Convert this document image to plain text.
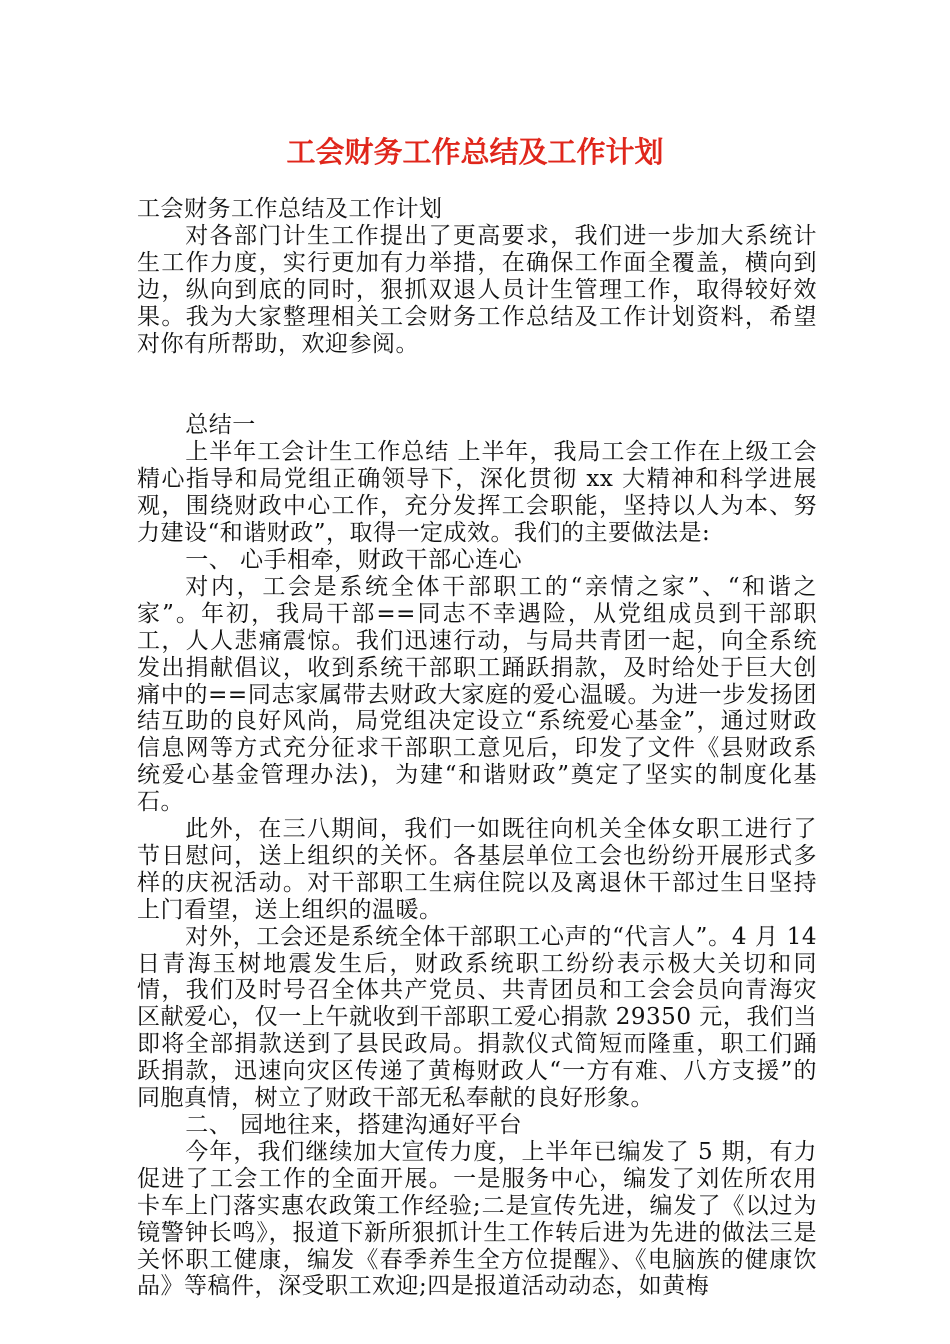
工会财务工作总结及工作计划

工会财务工作总结及工作计划

对各部门计生工作提出了更高要求，我们进一步加大系统计生工作力度，实行更加有力举措，在确保工作面全覆盖，横向到边，纵向到底的同时，狠抓双退人员计生管理工作，取得较好效果。我为大家整理相关工会财务工作总结及工作计划资料，希望对你有所帮助，欢迎参阅。

总结一

上半年工会计生工作总结 上半年，我局工会工作在上级工会精心指导和局党组正确领导下，深化贯彻 xx 大精神和科学进展观，围绕财政中心工作，充分发挥工会职能，坚持以人为本、努力建设“和谐财政”，取得一定成效。我们的主要做法是:

一、 心手相牵，财政干部心连心

对内，工会是系统全体干部职工的“亲情之家”、“和谐之家”。年初，我局干部==同志不幸遇险，从党组成员到干部职工，人人悲痛震惊。我们迅速行动，与局共青团一起，向全系统发出捐献倡议，收到系统干部职工踊跃捐款，及时给处于巨大创痛中的==同志家属带去财政大家庭的爱心温暖。为进一步发扬团结互助的良好风尚，局党组决定设立“系统爱心基金”，通过财政信息网等方式充分征求干部职工意见后，印发了文件《县财政系统爱心基金管理办法)，为建“和谐财政”奠定了坚实的制度化基石。

此外，在三八期间，我们一如既往向机关全体女职工进行了节日慰问，送上组织的关怀。各基层单位工会也纷纷开展形式多样的庆祝活动。对干部职工生病住院以及离退休干部过生日坚持上门看望，送上组织的温暖。

对外，工会还是系统全体干部职工心声的“代言人”。4 月 14 日青海玉树地震发生后，财政系统职工纷纷表示极大关切和同情，我们及时号召全体共产党员、共青团员和工会会员向青海灾区献爱心，仅一上午就收到干部职工爱心捐款 29350 元，我们当即将全部捐款送到了县民政局。捐款仪式简短而隆重，职工们踊跃捐款，迅速向灾区传递了黄梅财政人“一方有难、八方支援”的同胞真情，树立了财政干部无私奉献的良好形象。

二、 园地往来，搭建沟通好平台

今年，我们继续加大宣传力度，上半年已编发了 5 期，有力促进了工会工作的全面开展。一是服务中心，编发了刘佐所农用卡车上门落实惠农政策工作经验;二是宣传先进，编发了《以过为镜警钟长鸣》，报道下新所狠抓计生工作转后进为先进的做法三是关怀职工健康，编发《春季养生全方位提醒》、《电脑族的健康饮品》等稿件，深受职工欢迎;四是报道活动动态，如黄梅
